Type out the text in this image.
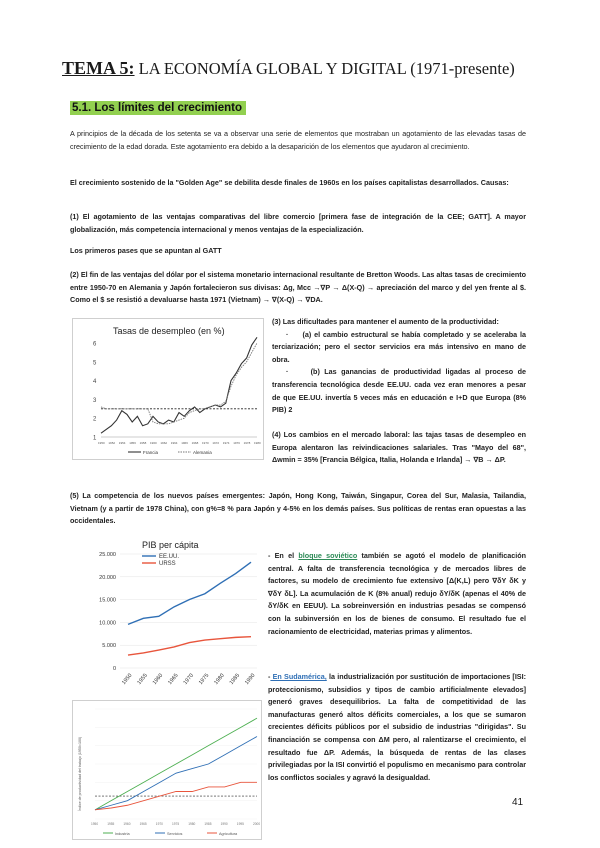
TEMA 5: LA ECONOMÍA GLOBAL Y DIGITAL (1971-presente)
5.1. Los límites del crecimiento
A principios de la década de los setenta se va a observar una serie de elementos que mostraban un agotamiento de las elevadas tasas de crecimiento de la edad dorada. Este agotamiento era debido a la desaparición de los elementos que ayudaron al crecimiento.
El crecimiento sostenido de la "Golden Age" se debilita desde finales de 1960s en los países capitalistas desarrollados. Causas:
(1) El agotamiento de las ventajas comparativas del libre comercio [primera fase de integración de la CEE; GATT]. A mayor globalización, más competencia internacional y menos ventajas de la especialización.
Los primeros pases que se apuntan al GATT
(2) El fin de las ventajas del dólar por el sistema monetario internacional resultante de Bretton Woods. Las altas tasas de crecimiento entre 1950-70 en Alemania y Japón fortalecieron sus divisas: Δg, Mcc →∇P → Δ(X-Q) → apreciación del marco y del yen frente al $. Como el $ se resistió a devaluarse hasta 1971 (Vietnam) → ∇(X-Q) → ∇DA.
Tasas de desempleo (en %)
1
2
3
4
5
6
1950 1952 1954 1956 1958 1960 1962 1964 1966 1968 1970 1972 1974 1976 1978 1980
Francia	Alemania
(3) Las dificultades para mantener el aumento de la productividad:
· (a) el cambio estructural se había completado y se aceleraba la terciarización; pero el sector servicios era más intensivo en mano de obra.
·	(b) Las ganancias de productividad ligadas al proceso de transferencia tecnológica desde EE.UU. cada vez eran menores a pesar de que EE.UU. invertía 5 veces más en educación e I+D que Europa (8% PIB) 2
(4) Los cambios en el mercado laboral: las tajas tasas de desempleo en Europa alentaron las reivindicaciones salariales. Tras "Mayo del 68", Δwmin = 35% [Francia Bélgica, Italia, Holanda e Irlanda] → ∇B → ΔP.
(5) La competencia de los nuevos países emergentes: Japón, Hong Kong, Taiwán, Singapur, Corea del Sur, Malasia, Tailandia, Vietnam (y a partir de 1978 China), con g%=8 % para Japón y 4-5% en los demás países. Sus políticas de rentas eran opuestas a las occidentales.
PIB per cápita
0
5.000
10.000
15.000
20.000
25.000
1950 1955 1960 1965 1970 1975 1980 1985 1990
EE.UU.
URSS
Índice de productividad del trabajo (1950=100)
1950	1955	1960	1965	1970	1975	1980	1985	1990	1995	2000
Industria	Servicios	Agricultura
- En el bloque soviético también se agotó el modelo de planificación central. A falta de transferencia tecnológica y de mercados libres de factores, su modelo de crecimiento fue extensivo [Δ(K,L) pero ∇δY δK y ∇δY δL]. La acumulación de K (8% anual) redujo δY/δK (apenas el 40% de δY/δK en EEUU). La sobreinversión en industrias pesadas se compensó con la subinversión en los de bienes de consumo. El resultado fue el racionamiento de electricidad, materias primas y alimentos.
- En Sudamérica, la industrialización por sustitución de importaciones [ISI: proteccionismo, subsidios y tipos de cambio artificialmente elevados] generó graves desequilibrios. La falta de competitividad de las manufacturas generó altos déficits comerciales, a los que se sumaron crecientes déficits públicos por el subsidio de industrias "dirigidas". Su financiación se compensa con ΔM pero, al ralentizarse el crecimiento, el resultado fue ΔP. Además, la búsqueda de rentas de las clases privilegiadas por la ISI convirtió el populismo en mecanismo para controlar los conflictos sociales y agravó la desigualdad.
41
